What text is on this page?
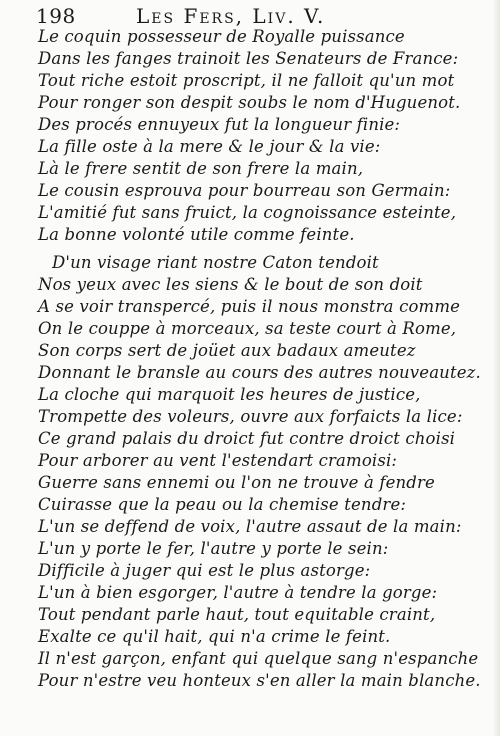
198	Les Fers, Liv. V.
Le coquin possesseur de Royalle puissance
Dans les fanges trainoit les Senateurs de France:
Tout riche estoit proscript, il ne falloit qu'un mot
Pour ronger son despit soubs le nom d'Huguenot.
Des procés ennuyeux fut la longueur finie:
La fille oste à la mere & le jour & la vie:
Là le frere sentit de son frere la main,
Le cousin esprouva pour bourreau son Germain:
L'amitié fut sans fruict, la cognoissance esteinte,
La bonne volonté utile comme feinte.
D'un visage riant nostre Caton tendoit
Nos yeux avec les siens & le bout de son doit
A se voir transpercé, puis il nous monstra comme
On le couppe à morceaux, sa teste court à Rome,
Son corps sert de joüet aux badaux ameutez
Donnant le bransle au cours des autres nouveautez.
La cloche qui marquoit les heures de justice,
Trompette des voleurs, ouvre aux forfaicts la lice:
Ce grand palais du droict fut contre droict choisi
Pour arborer au vent l'estendart cramoisi:
Guerre sans ennemi ou l'on ne trouve à fendre
Cuirasse que la peau ou la chemise tendre:
L'un se deffend de voix, l'autre assaut de la main:
L'un y porte le fer, l'autre y porte le sein:
Difficile à juger qui est le plus astorge:
L'un à bien esgorger, l'autre à tendre la gorge:
Tout pendant parle haut, tout equitable craint,
Exalte ce qu'il hait, qui n'a crime le feint.
Il n'est garçon, enfant qui quelque sang n'espanche
Pour n'estre veu honteux s'en aller la main blanche.
